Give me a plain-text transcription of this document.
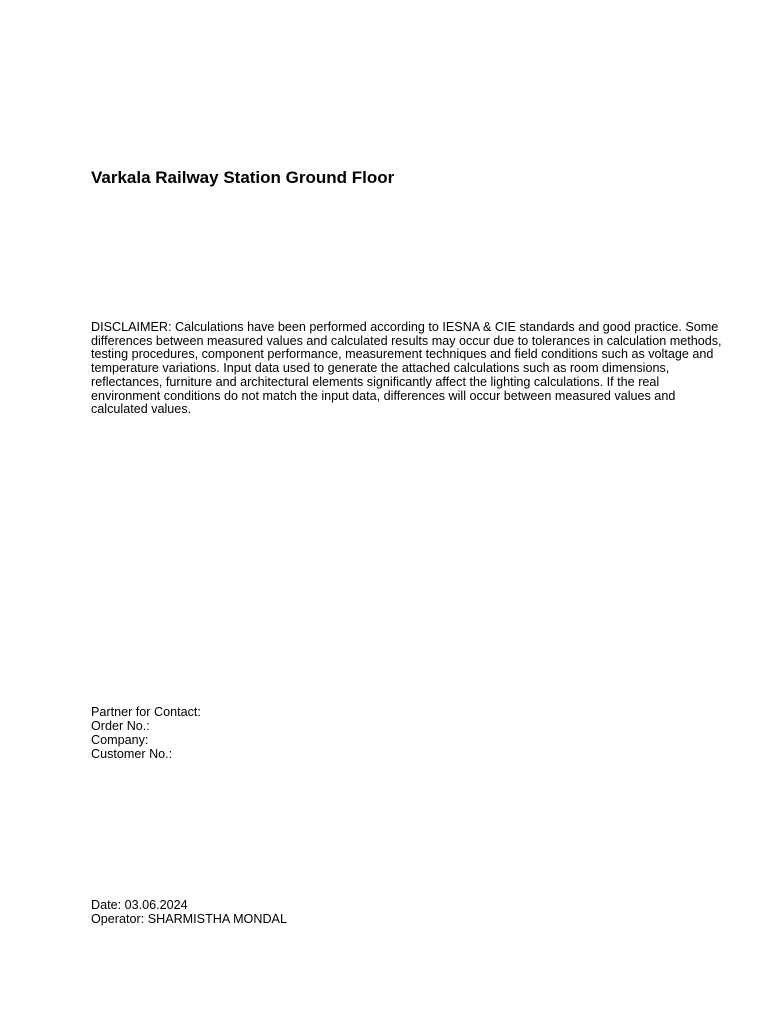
Varkala Railway Station Ground Floor

DISCLAIMER: Calculations have been performed according to IESNA & CIE standards and good practice. Some differences between measured values and calculated results may occur due to tolerances in calculation methods, testing procedures, component performance, measurement techniques and field conditions such as voltage and temperature variations. Input data used to generate the attached calculations such as room dimensions, reflectances, furniture and architectural elements significantly affect the lighting calculations. If the real environment conditions do not match the input data, differences will occur between measured values and calculated values.

Partner for Contact:
Order No.:
Company:
Customer No.:
Date: 03.06.2024
Operator: SHARMISTHA MONDAL
